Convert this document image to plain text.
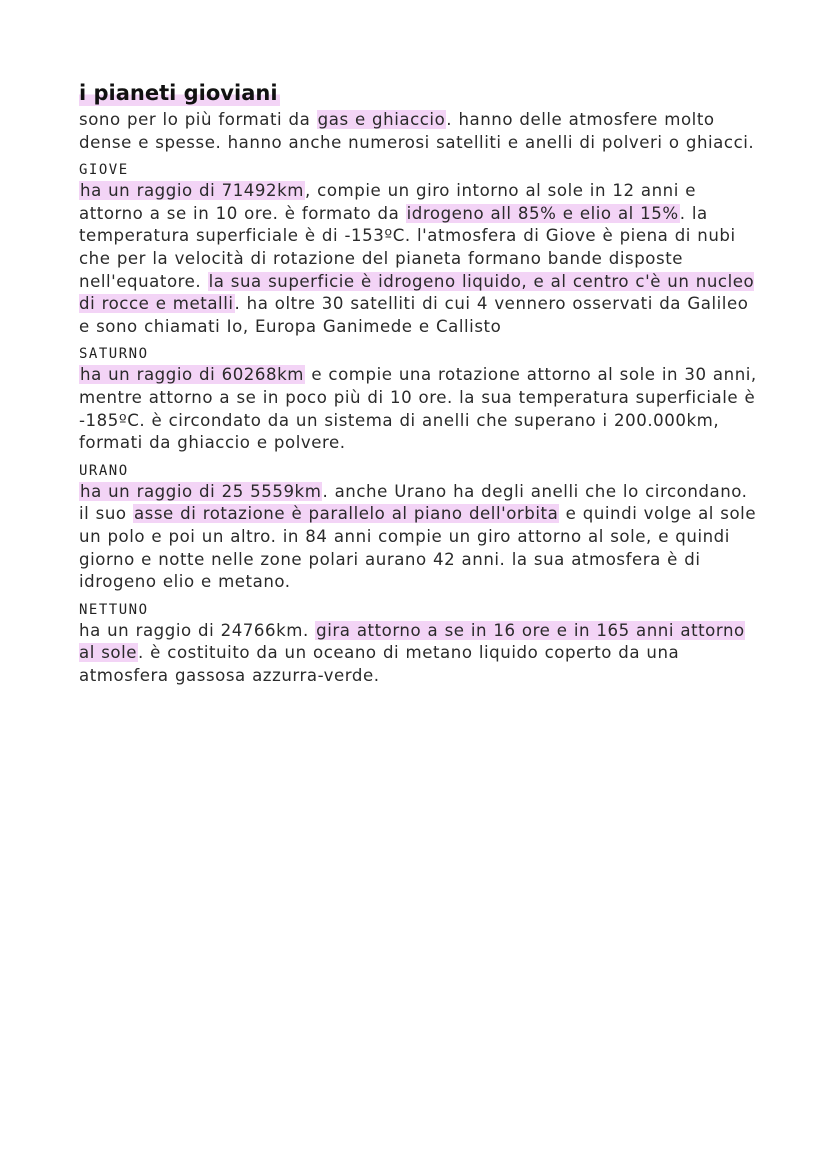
i pianeti gioviani

sono per lo più formati da gas e ghiaccio. hanno delle atmosfere molto dense e spesse. hanno anche numerosi satelliti e anelli di polveri o ghiacci.

GIOVE

ha un raggio di 71492km, compie un giro intorno al sole in 12 anni e attorno a se in 10 ore. è formato da idrogeno all 85% e elio al 15%. la temperatura superficiale è di -153ºC. l'atmosfera di Giove è piena di nubi che per la velocità di rotazione del pianeta formano bande disposte nell'equatore. la sua superficie è idrogeno liquido, e al centro c'è un nucleo di rocce e metalli. ha oltre 30 satelliti di cui 4 vennero osservati da Galileo e sono chiamati Io, Europa Ganimede e Callisto

SATURNO

ha un raggio di 60268km e compie una rotazione attorno al sole in 30 anni, mentre attorno a se in poco più di 10 ore. la sua temperatura superficiale è -185ºC. è circondato da un sistema di anelli che superano i 200.000km, formati da ghiaccio e polvere.

URANO

ha un raggio di 25 5559km. anche Urano ha degli anelli che lo circondano. il suo asse di rotazione è parallelo al piano dell'orbita e quindi volge al sole un polo e poi un altro. in 84 anni compie un giro attorno al sole, e quindi giorno e notte nelle zone polari aurano 42 anni. la sua atmosfera è di idrogeno elio e metano.

NETTUNO

ha un raggio di 24766km. gira attorno a se in 16 ore e in 165 anni attorno al sole. è costituito da un oceano di metano liquido coperto da una atmosfera gassosa azzurra-verde.
